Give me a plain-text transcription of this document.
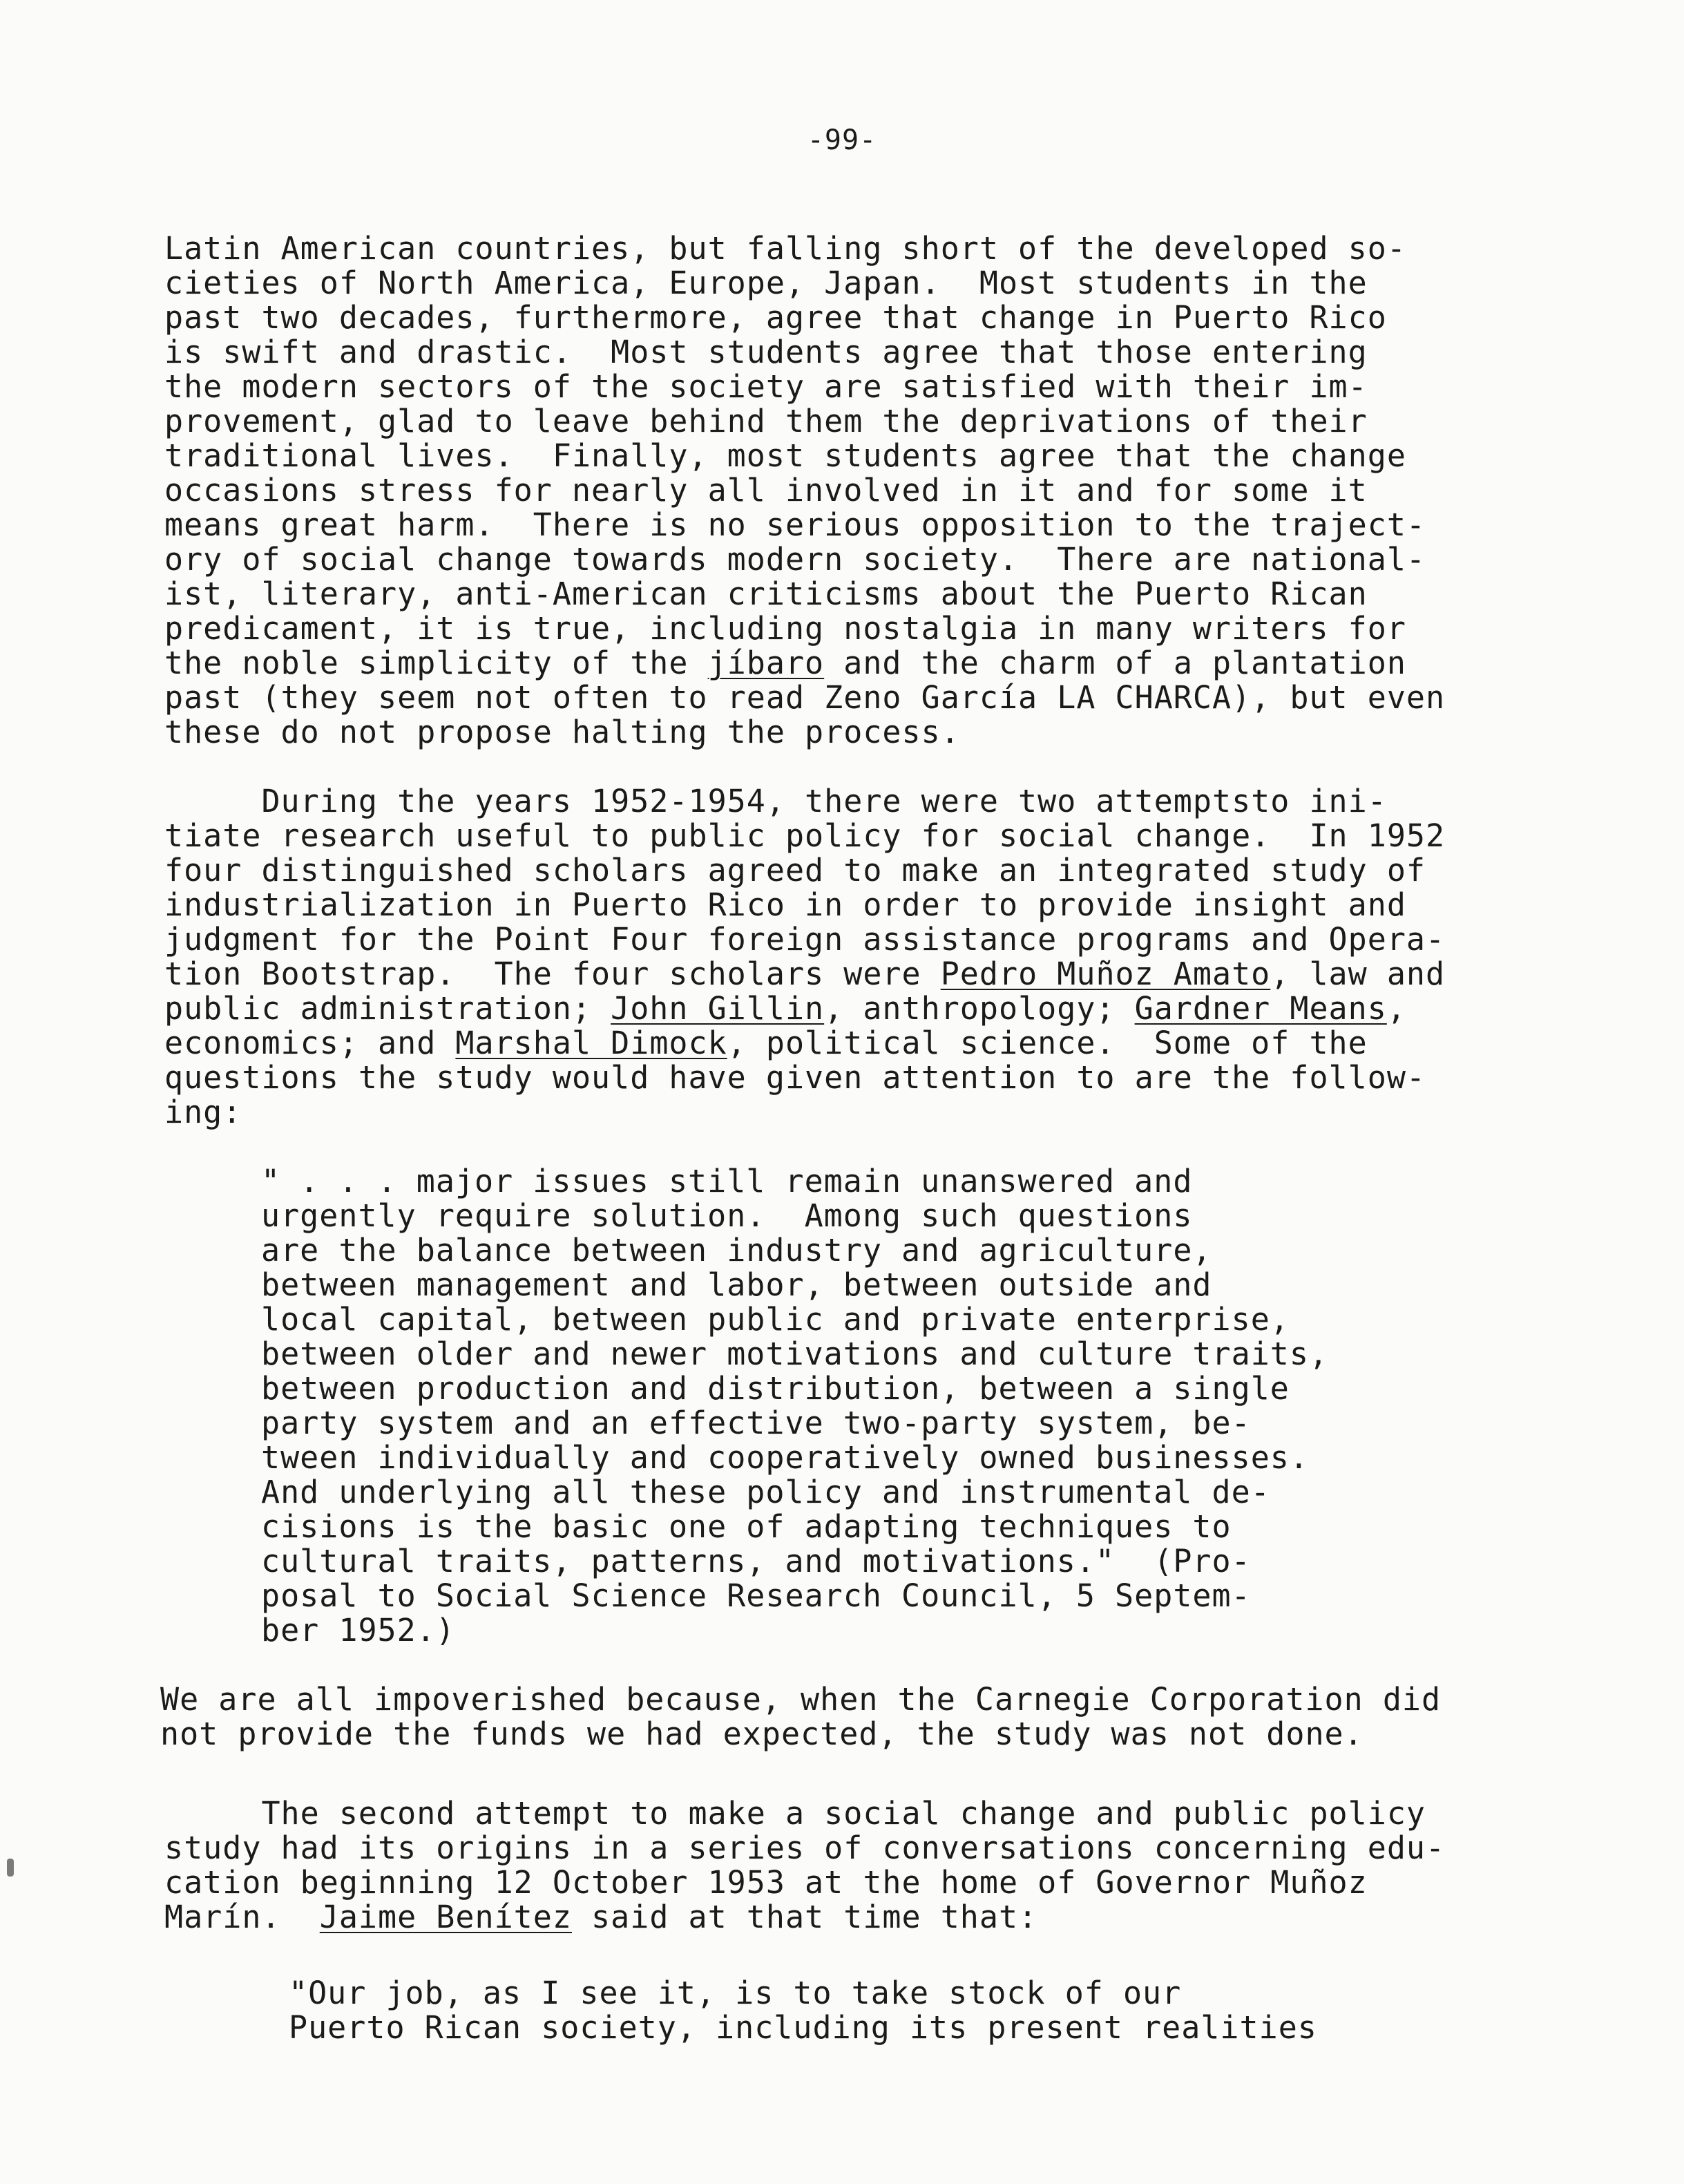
-99-
Latin American countries, but falling short of the developed so-
cieties of North America, Europe, Japan.  Most students in the
past two decades, furthermore, agree that change in Puerto Rico
is swift and drastic.  Most students agree that those entering
the modern sectors of the society are satisfied with their im-
provement, glad to leave behind them the deprivations of their
traditional lives.  Finally, most students agree that the change
occasions stress for nearly all involved in it and for some it
means great harm.  There is no serious opposition to the traject-
ory of social change towards modern society.  There are national-
ist, literary, anti-American criticisms about the Puerto Rican
predicament, it is true, including nostalgia in many writers for
the noble simplicity of the jíbaro and the charm of a plantation
past (they seem not often to read Zeno García LA CHARCA), but even
these do not propose halting the process.
During the years 1952-1954, there were two attemptsto ini-
tiate research useful to public policy for social change.  In 1952
four distinguished scholars agreed to make an integrated study of
industrialization in Puerto Rico in order to provide insight and
judgment for the Point Four foreign assistance programs and Opera-
tion Bootstrap.  The four scholars were Pedro Muñoz Amato, law and
public administration; John Gillin, anthropology; Gardner Means,
economics; and Marshal Dimock, political science.  Some of the
questions the study would have given attention to are the follow-
ing:
" . . . major issues still remain unanswered and
urgently require solution.  Among such questions
are the balance between industry and agriculture,
between management and labor, between outside and
local capital, between public and private enterprise,
between older and newer motivations and culture traits,
between production and distribution, between a single
party system and an effective two-party system, be-
tween individually and cooperatively owned businesses.
And underlying all these policy and instrumental de-
cisions is the basic one of adapting techniques to
cultural traits, patterns, and motivations."  (Pro-
posal to Social Science Research Council, 5 Septem-
ber 1952.)
We are all impoverished because, when the Carnegie Corporation did
not provide the funds we had expected, the study was not done.
The second attempt to make a social change and public policy
study had its origins in a series of conversations concerning edu-
cation beginning 12 October 1953 at the home of Governor Muñoz
Marín.  Jaime Benítez said at that time that:
"Our job, as I see it, is to take stock of our
Puerto Rican society, including its present realities
